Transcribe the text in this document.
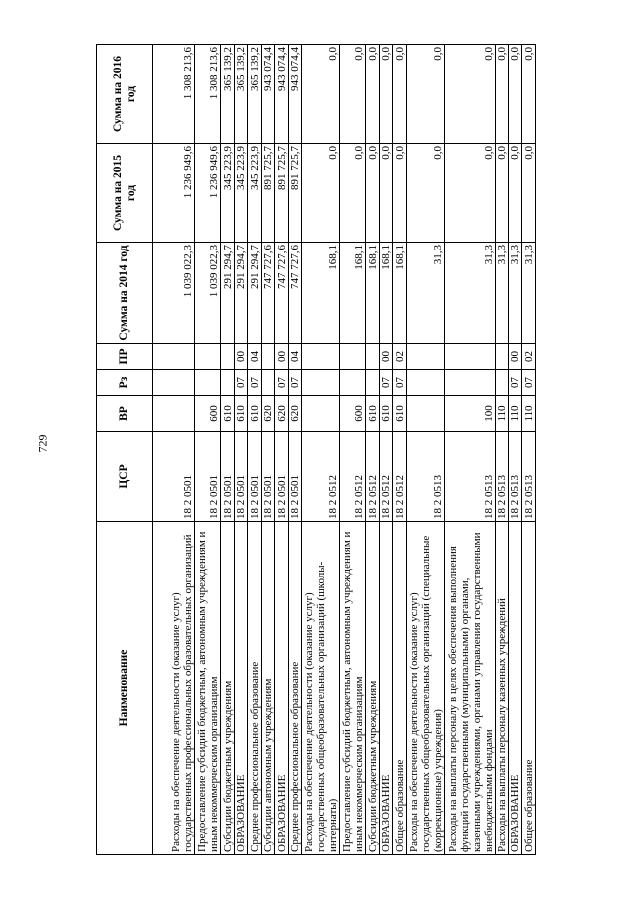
729
Наименование	ЦСР	ВР	Рз	ПР	Сумма на 2014 год	Сумма на 2015 год	Сумма на 2016 год
Расходы на обеспечение деятельности (оказание услуг) государственных профессиональных образовательных организаций	18 2 0501				1 039 022,3	1 236 949,6	1 308 213,6
Предоставление субсидий бюджетным, автономным учреждениям и иным некоммерческим организациям	18 2 0501	600			1 039 022,3	1 236 949,6	1 308 213,6
Субсидии бюджетным учреждениям	18 2 0501	610			291 294,7	345 223,9	365 139,2
ОБРАЗОВАНИЕ	18 2 0501	610	07	00	291 294,7	345 223,9	365 139,2
Среднее профессиональное образование	18 2 0501	610	07	04	291 294,7	345 223,9	365 139,2
Субсидии автономным учреждениям	18 2 0501	620			747 727,6	891 725,7	943 074,4
ОБРАЗОВАНИЕ	18 2 0501	620	07	00	747 727,6	891 725,7	943 074,4
Среднее профессиональное образование	18 2 0501	620	07	04	747 727,6	891 725,7	943 074,4
Расходы на обеспечение деятельности (оказание услуг) государственных общеобразовательных организаций (школы-интернаты)	18 2 0512				168,1	0,0	0,0
Предоставление субсидий бюджетным, автономным учреждениям и иным некоммерческим организациям	18 2 0512	600			168,1	0,0	0,0
Субсидии бюджетным учреждениям	18 2 0512	610			168,1	0,0	0,0
ОБРАЗОВАНИЕ	18 2 0512	610	07	00	168,1	0,0	0,0
Общее образование	18 2 0512	610	07	02	168,1	0,0	0,0
Расходы на обеспечение деятельности (оказание услуг) государственных общеобразовательных организаций (специальные (коррекционные) учреждения)	18 2 0513				31,3	0,0	0,0
Расходы на выплаты персоналу в целях обеспечения выполнения функций государственными (муниципальными) органами, казенными учреждениями, органами управления государственными внебюджетными фондами	18 2 0513	100			31,3	0,0	0,0
Расходы на выплаты персоналу казенных учреждений	18 2 0513	110			31,3	0,0	0,0
ОБРАЗОВАНИЕ	18 2 0513	110	07	00	31,3	0,0	0,0
Общее образование	18 2 0513	110	07	02	31,3	0,0	0,0
